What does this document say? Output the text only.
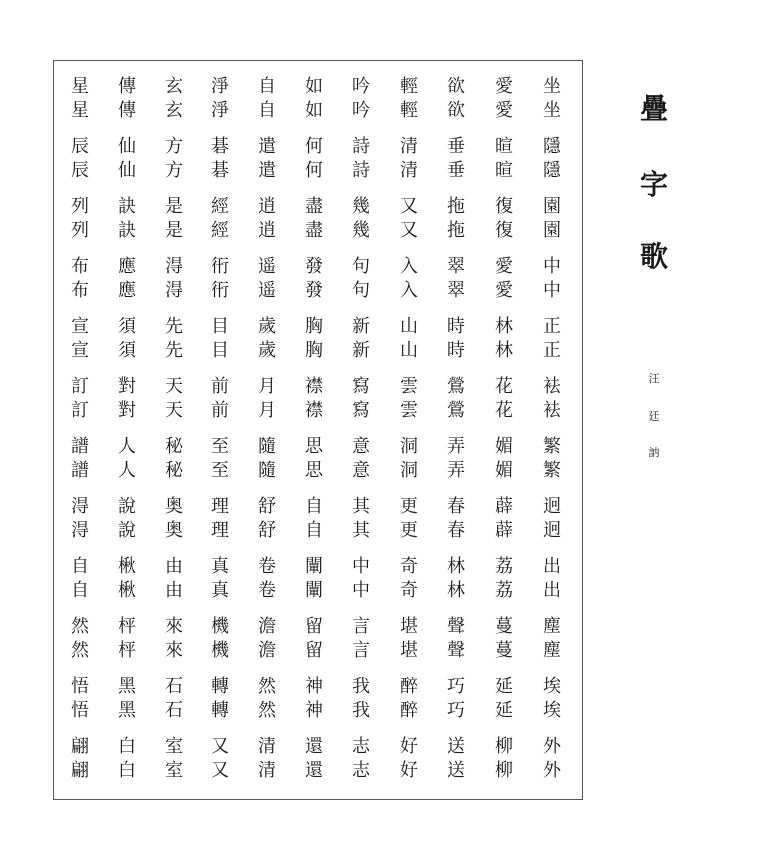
坐
坐
隱
隱
園
園
中
中
正
正
袪
袪
繁
繁
迥
迥
出
出
塵
塵
埃
埃
外
外
愛
愛
暄
暄
復
復
愛
愛
林
林
花
花
媚
媚
薜
薜
荔
荔
蔓
蔓
延
延
柳
柳
欲
欲
垂
垂
拖
拖
翠
翠
時
時
鶯
鶯
弄
弄
春
春
林
林
聲
聲
巧
巧
送
送
輕
輕
清
清
又
又
入
入
山
山
雲
雲
洞
洞
更
更
奇
奇
堪
堪
醉
醉
好
好
吟
吟
詩
詩
幾
幾
句
句
新
新
寫
寫
意
意
其
其
中
中
言
言
我
我
志
志
如
如
何
何
盡
盡
發
發
胸
胸
襟
襟
思
思
自
自
闡
闡
留
留
神
神
還
還
自
自
遣
遣
逍
逍
遥
遥
歲
歲
月
月
隨
隨
舒
舒
卷
卷
澹
澹
然
然
清
清
淨
淨
碁
碁
經
經
衎
衎
目
目
前
前
至
至
理
理
真
真
機
機
轉
轉
又
又
玄
玄
方
方
是
是
淂
淂
先
先
天
天
秘
秘
奥
奥
由
由
來
來
石
石
室
室
傳
傳
仙
仙
訣
訣
應
應
須
須
對
對
人
人
說
說
楸
楸
枰
枰
黑
黑
白
白
星
星
辰
辰
列
列
布
布
宣
宣
訂
訂
譜
譜
淂
淂
自
自
然
然
悟
悟
翩
翩
疊
字
歌
汪
廷
訥
